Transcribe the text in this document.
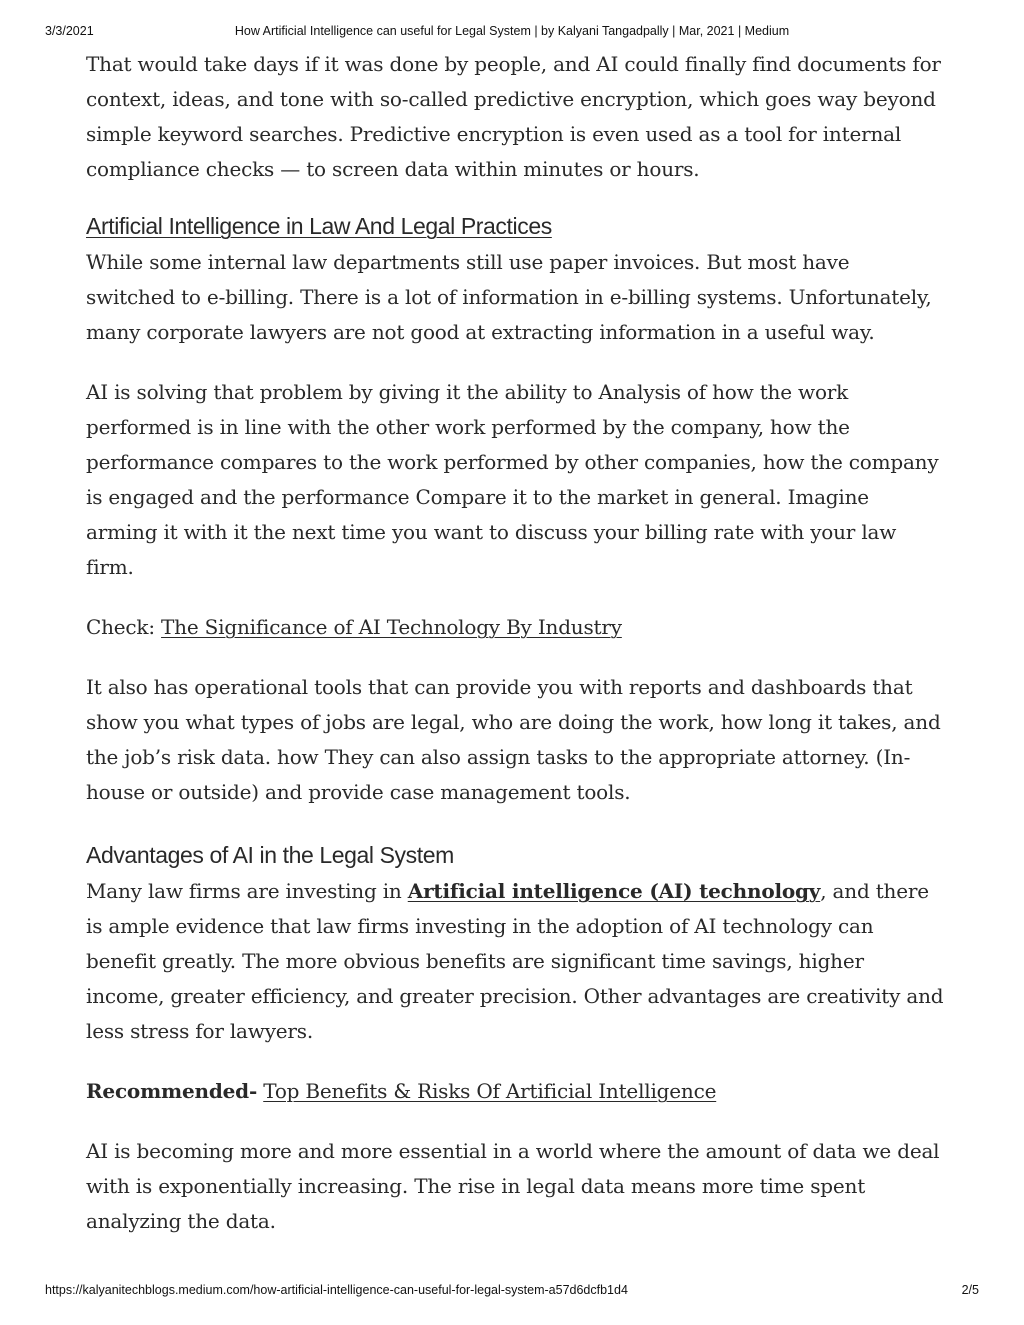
3/3/2021	How Artificial Intelligence can useful for Legal System | by Kalyani Tangadpally | Mar, 2021 | Medium

That would take days if it was done by people, and AI could finally find documents for context, ideas, and tone with so-called predictive encryption, which goes way beyond simple keyword searches. Predictive encryption is even used as a tool for internal compliance checks — to screen data within minutes or hours.

Artificial Intelligence in Law And Legal Practices

While some internal law departments still use paper invoices. But most have switched to e-billing. There is a lot of information in e-billing systems. Unfortunately, many corporate lawyers are not good at extracting information in a useful way.

AI is solving that problem by giving it the ability to Analysis of how the work performed is in line with the other work performed by the company, how the performance compares to the work performed by other companies, how the company is engaged and the performance Compare it to the market in general. Imagine arming it with it the next time you want to discuss your billing rate with your law firm.

Check: The Significance of AI Technology By Industry

It also has operational tools that can provide you with reports and dashboards that show you what types of jobs are legal, who are doing the work, how long it takes, and the job’s risk data. how They can also assign tasks to the appropriate attorney. (In-house or outside) and provide case management tools.

Advantages of AI in the Legal System

Many law firms are investing in Artificial intelligence (AI) technology, and there is ample evidence that law firms investing in the adoption of AI technology can benefit greatly. The more obvious benefits are significant time savings, higher income, greater efficiency, and greater precision. Other advantages are creativity and less stress for lawyers.

Recommended- Top Benefits & Risks Of Artificial Intelligence

AI is becoming more and more essential in a world where the amount of data we deal with is exponentially increasing. The rise in legal data means more time spent analyzing the data.

https://kalyanitechblogs.medium.com/how-artificial-intelligence-can-useful-for-legal-system-a57d6dcfb1d4	2/5
